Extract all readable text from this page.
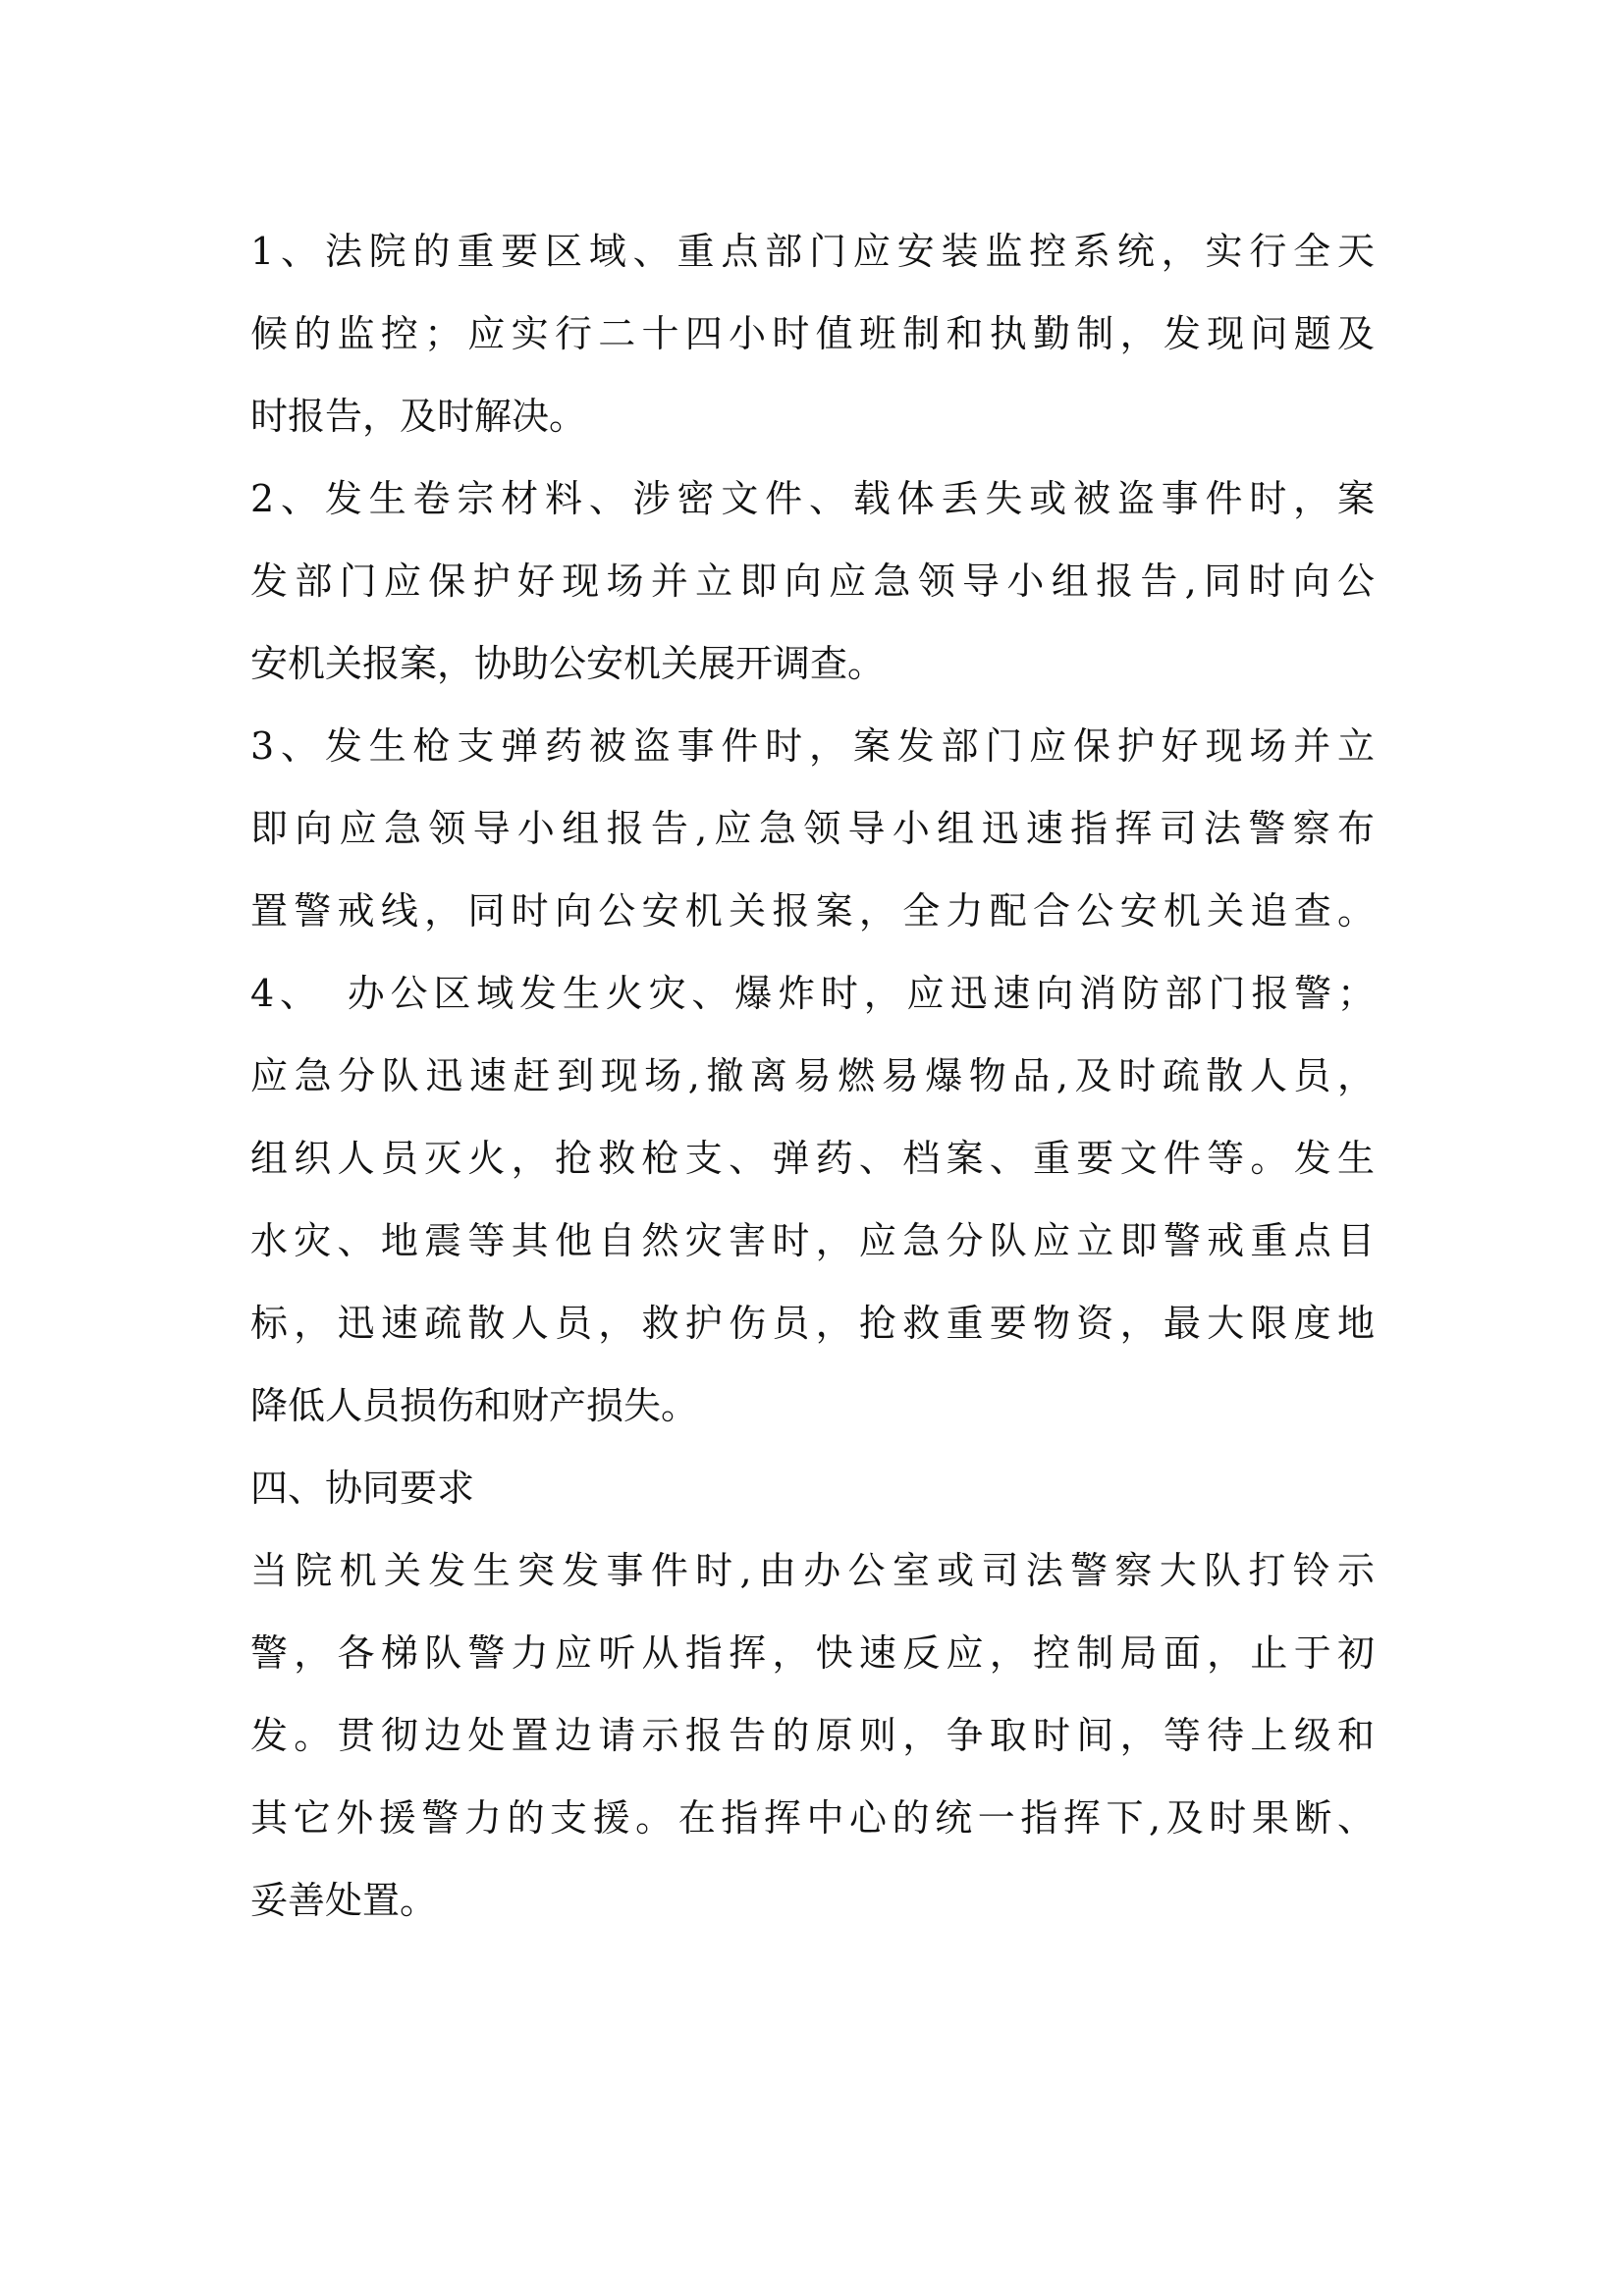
1、法院的重要区域、重点部门应安装监控系统，实行全天
候的监控；应实行二十四小时值班制和执勤制，发现问题及
时报告，及时解决。
2、发生卷宗材料、涉密文件、载体丢失或被盗事件时，案
发部门应保护好现场并立即向应急领导小组报告,同时向公
安机关报案，协助公安机关展开调查。
3、发生枪支弹药被盗事件时，案发部门应保护好现场并立
即向应急领导小组报告,应急领导小组迅速指挥司法警察布
置警戒线，同时向公安机关报案，全力配合公安机关追查。
4、　办公区域发生火灾、爆炸时，应迅速向消防部门报警；
应急分队迅速赶到现场,撤离易燃易爆物品,及时疏散人员，
组织人员灭火，抢救枪支、弹药、档案、重要文件等。发生
水灾、地震等其他自然灾害时，应急分队应立即警戒重点目
标，迅速疏散人员，救护伤员，抢救重要物资，最大限度地
降低人员损伤和财产损失。
四、协同要求
当院机关发生突发事件时,由办公室或司法警察大队打铃示
警，各梯队警力应听从指挥，快速反应，控制局面，止于初
发。贯彻边处置边请示报告的原则，争取时间，等待上级和
其它外援警力的支援。在指挥中心的统一指挥下,及时果断、
妥善处置。
